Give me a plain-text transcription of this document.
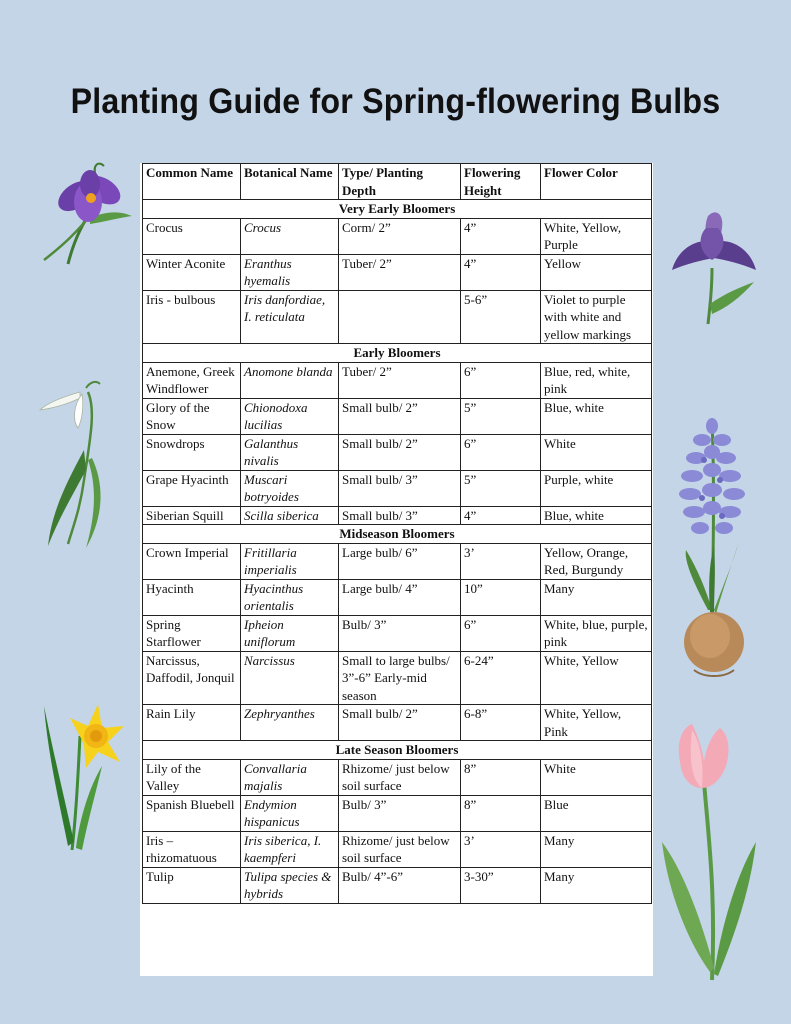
Planting Guide for Spring-flowering Bulbs
Common Name	Botanical Name	Type/ Planting Depth	Flowering Height	Flower Color
Very Early Bloomers				
Crocus	Crocus	Corm/ 2”	4”	White, Yellow, Purple
Winter Aconite	Eranthus hyemalis	Tuber/ 2”	4”	Yellow
Iris - bulbous	Iris danfordiae, I. reticulata		5-6”	Violet to purple with white and yellow markings
Early Bloomers				
Anemone, Greek Windflower	Anomone blanda	Tuber/ 2”	6”	Blue, red, white, pink
Glory of the Snow	Chionodoxa lucilias	Small bulb/ 2”	5”	Blue, white
Snowdrops	Galanthus nivalis	Small bulb/ 2”	6”	White
Grape Hyacinth	Muscari botryoides	Small bulb/ 3”	5”	Purple, white
Siberian Squill	Scilla siberica	Small bulb/ 3”	4”	Blue, white
Midseason Bloomers				
Crown Imperial	Fritillaria imperialis	Large bulb/ 6”	3’	Yellow, Orange, Red, Burgundy
Hyacinth	Hyacinthus orientalis	Large bulb/ 4”	10”	Many
Spring Starflower	Ipheion uniflorum	Bulb/ 3”	6”	White, blue, purple, pink
Narcissus, Daffodil, Jonquil	Narcissus	Small to large bulbs/ 3”-6” Early-mid season	6-24”	White, Yellow
Rain Lily	Zephryanthes	Small bulb/ 2”	6-8”	White, Yellow, Pink
Late Season Bloomers				
Lily of the Valley	Convallaria majalis	Rhizome/ just below soil surface	8”	White
Spanish Bluebell	Endymion hispanicus	Bulb/ 3”	8”	Blue
Iris – rhizomatuous	Iris siberica, I. kaempferi	Rhizome/ just below soil surface	3’	Many
Tulip	Tulipa species & hybrids	Bulb/ 4”-6”	3-30”	Many
